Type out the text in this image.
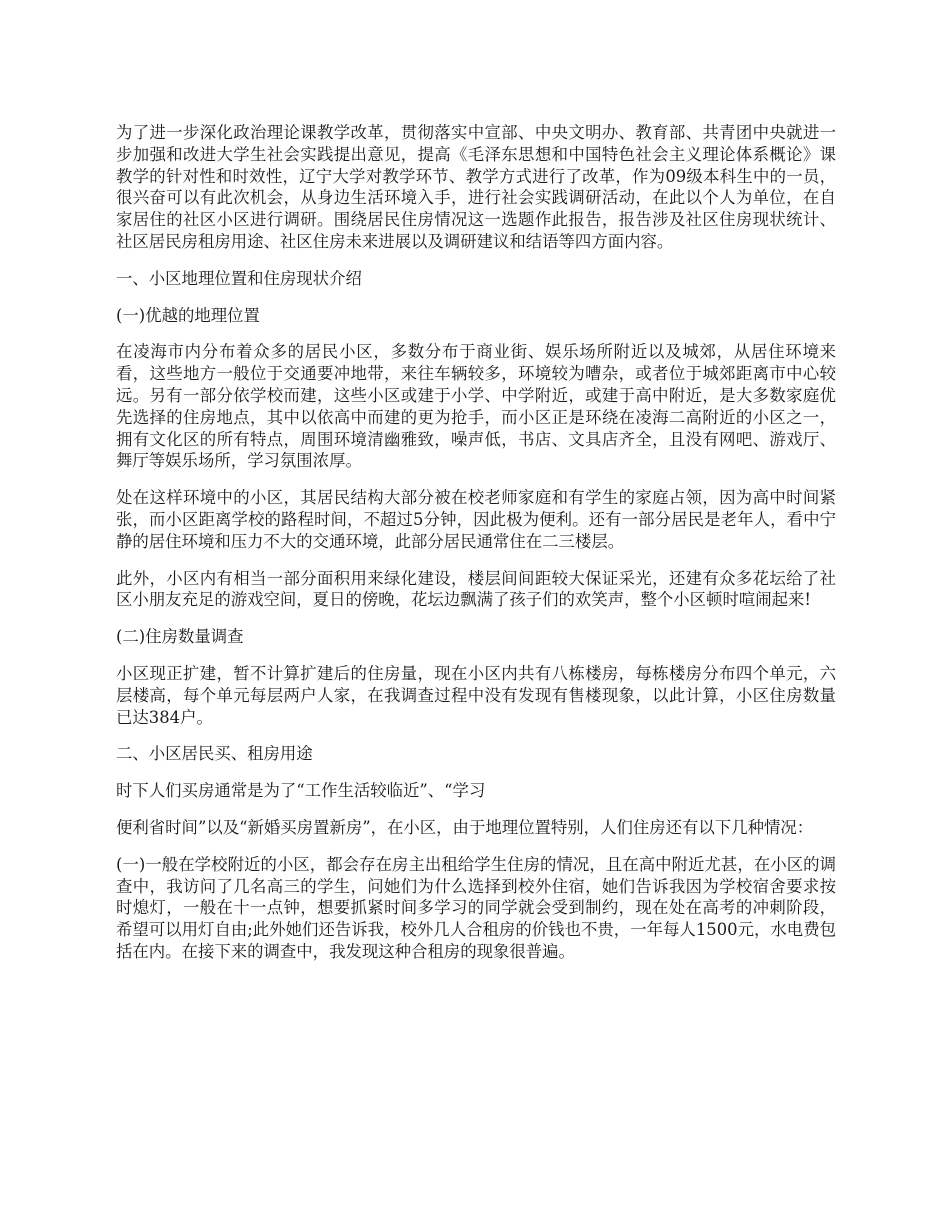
为了进一步深化政治理论课教学改革，贯彻落实中宣部、中央文明办、教育部、共青团中央就进一步加强和改进大学生社会实践提出意见，提高《毛泽东思想和中国特色社会主义理论体系概论》课教学的针对性和时效性，辽宁大学对教学环节、教学方式进行了改革，作为09级本科生中的一员，很兴奋可以有此次机会，从身边生活环境入手，进行社会实践调研活动，在此以个人为单位，在自家居住的社区小区进行调研。围绕居民住房情况这一选题作此报告，报告涉及社区住房现状统计、社区居民房租房用途、社区住房未来进展以及调研建议和结语等四方面内容。

一、小区地理位置和住房现状介绍

(一)优越的地理位置

在凌海市内分布着众多的居民小区，多数分布于商业街、娱乐场所附近以及城郊，从居住环境来看，这些地方一般位于交通要冲地带，来往车辆较多，环境较为嘈杂，或者位于城郊距离市中心较远。另有一部分依学校而建，这些小区或建于小学、中学附近，或建于高中附近，是大多数家庭优先选择的住房地点，其中以依高中而建的更为抢手，而小区正是环绕在凌海二高附近的小区之一，拥有文化区的所有特点，周围环境清幽雅致，噪声低，书店、文具店齐全，且没有网吧、游戏厅、舞厅等娱乐场所，学习氛围浓厚。

处在这样环境中的小区，其居民结构大部分被在校老师家庭和有学生的家庭占领，因为高中时间紧张，而小区距离学校的路程时间，不超过5分钟，因此极为便利。还有一部分居民是老年人，看中宁静的居住环境和压力不大的交通环境，此部分居民通常住在二三楼层。

此外，小区内有相当一部分面积用来绿化建设，楼层间间距较大保证采光，还建有众多花坛给了社区小朋友充足的游戏空间，夏日的傍晚，花坛边飘满了孩子们的欢笑声，整个小区顿时喧闹起来!

(二)住房数量调查

小区现正扩建，暂不计算扩建后的住房量，现在小区内共有八栋楼房，每栋楼房分布四个单元，六层楼高，每个单元每层两户人家，在我调查过程中没有发现有售楼现象，以此计算，小区住房数量已达384户。

二、小区居民买、租房用途

时下人们买房通常是为了“工作生活较临近”、“学习

便利省时间”以及“新婚买房置新房”，在小区，由于地理位置特别，人们住房还有以下几种情况：

(一)一般在学校附近的小区，都会存在房主出租给学生住房的情况，且在高中附近尤甚，在小区的调查中，我访问了几名高三的学生，问她们为什么选择到校外住宿，她们告诉我因为学校宿舍要求按时熄灯，一般在十一点钟，想要抓紧时间多学习的同学就会受到制约，现在处在高考的冲刺阶段，希望可以用灯自由;此外她们还告诉我，校外几人合租房的价钱也不贵，一年每人1500元，水电费包括在内。在接下来的调查中，我发现这种合租房的现象很普遍。
